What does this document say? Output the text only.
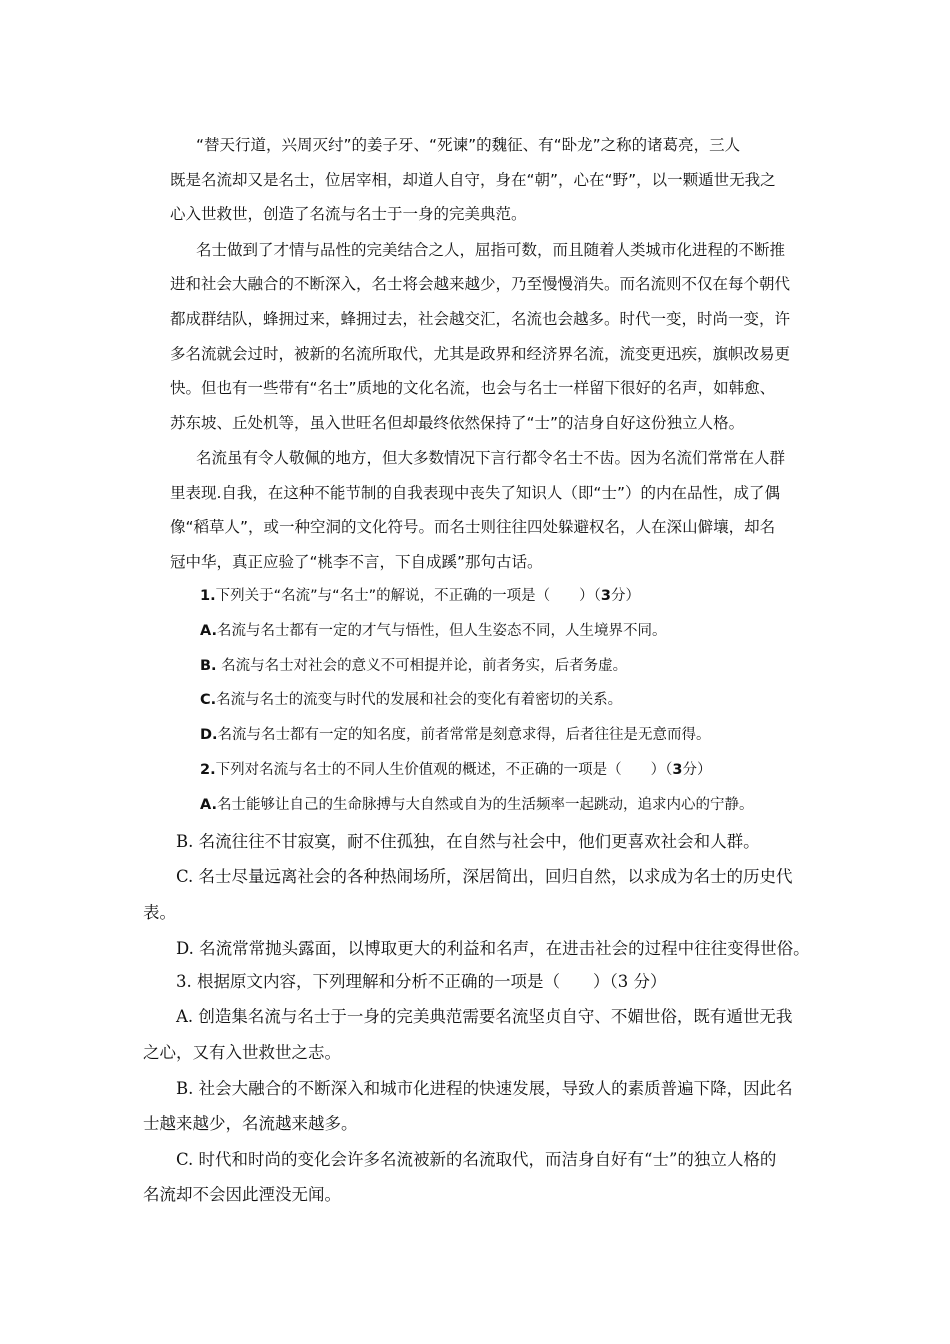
“替天行道，兴周灭纣”的姜子牙、“死谏”的魏征、有“卧龙”之称的诸葛亮，三人
既是名流却又是名士，位居宰相，却道人自守，身在“朝”，心在“野”，以一颗遁世无我之
心入世救世，创造了名流与名士于一身的完美典范。
名士做到了才情与品性的完美结合之人，屈指可数，而且随着人类城市化进程的不断推
进和社会大融合的不断深入，名士将会越来越少，乃至慢慢消失。而名流则不仅在每个朝代
都成群结队，蜂拥过来，蜂拥过去，社会越交汇，名流也会越多。时代一变，时尚一变，许
多名流就会过时，被新的名流所取代，尤其是政界和经济界名流，流变更迅疾，旗帜改易更
快。但也有一些带有“名士”质地的文化名流，也会与名士一样留下很好的名声，如韩愈、
苏东坡、丘处机等，虽入世旺名但却最终依然保持了“士”的洁身自好这份独立人格。
名流虽有令人敬佩的地方，但大多数情况下言行都令名士不齿。因为名流们常常在人群
里表现.自我，在这种不能节制的自我表现中丧失了知识人（即“士”）的内在品性，成了偶
像“稻草人”，或一种空洞的文化符号。而名士则往往四处躲避权名，人在深山僻壤，却名
冠中华，真正应验了“桃李不言，下自成蹊”那句古话。
1.下列关于“名流”与“名士”的解说，不正确的一项是（　　）（3分）
A.名流与名士都有一定的才气与悟性，但人生姿态不同，人生境界不同。
B. 名流与名士对社会的意义不可相提并论，前者务实，后者务虚。
C.名流与名士的流变与时代的发展和社会的变化有着密切的关系。
D.名流与名士都有一定的知名度，前者常常是刻意求得，后者往往是无意而得。
2.下列对名流与名士的不同人生价值观的概述，不正确的一项是（　　）（3分）
A.名士能够让自己的生命脉搏与大自然或自为的生活频率一起跳动，追求内心的宁静。
B. 名流往往不甘寂寞，耐不住孤独，在自然与社会中，他们更喜欢社会和人群。
C. 名士尽量远离社会的各种热闹场所，深居简出，回归自然，以求成为名士的历史代
表。
D. 名流常常抛头露面，以博取更大的利益和名声，在进击社会的过程中往往变得世俗。
3. 根据原文内容，下列理解和分析不正确的一项是（　　）（3 分）
A. 创造集名流与名士于一身的完美典范需要名流坚贞自守、不媚世俗，既有遁世无我
之心，又有入世救世之志。
B. 社会大融合的不断深入和城市化进程的快速发展，导致人的素质普遍下降，因此名
士越来越少，名流越来越多。
C. 时代和时尚的变化会许多名流被新的名流取代，而洁身自好有“士”的独立人格的
名流却不会因此湮没无闻。
